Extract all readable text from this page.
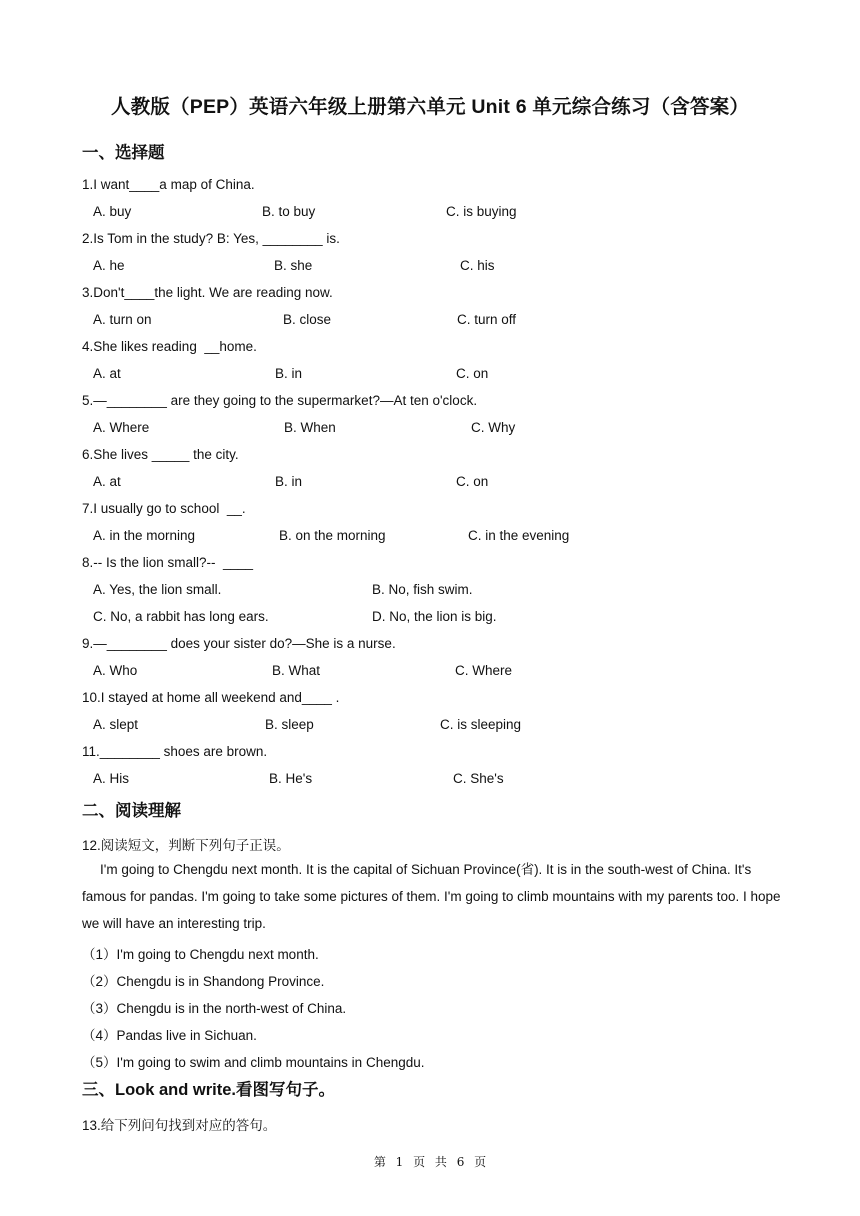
人教版（PEP）英语六年级上册第六单元 Unit 6 单元综合练习（含答案）
一、选择题
1.I want____a map of China.
A. buy	B. to buy	C. is buying
2.Is Tom in the study? B: Yes, ________ is.
A. he	B. she	C. his
3.Don't____the light. We are reading now.
A. turn on	B. close	C. turn off
4.She likes reading  __home.
A. at	B. in	C. on
5.—________ are they going to the supermarket?—At ten o'clock.
A. Where	B. When	C. Why
6.She lives _____ the city.
A. at	B. in	C. on
7.I usually go to school  __.
A. in the morning	B. on the morning	C. in the evening
8.-- Is the lion small?--  ____
A. Yes, the lion small.	B. No, fish swim.
C. No, a rabbit has long ears.	D. No, the lion is big.
9.—________ does your sister do?—She is a nurse.
A. Who	B. What	C. Where
10.I stayed at home all weekend and____ .
A. slept	B. sleep	C. is sleeping
11.________ shoes are brown.
A. His	B. He's	C. She's
二、阅读理解
12.阅读短文，判断下列句子正误。
I'm going to Chengdu next month. It is the capital of Sichuan Province(省). It is in the south-west of China. It's famous for pandas. I'm going to take some pictures of them. I'm going to climb mountains with my parents too. I hope we will have an interesting trip.
（1）I'm going to Chengdu next month.
（2）Chengdu is in Shandong Province.
（3）Chengdu is in the north-west of China.
（4）Pandas live in Sichuan.
（5）I'm going to swim and climb mountains in Chengdu.
三、Look and write.看图写句子。
13.给下列问句找到对应的答句。
第 1 页 共 6 页
